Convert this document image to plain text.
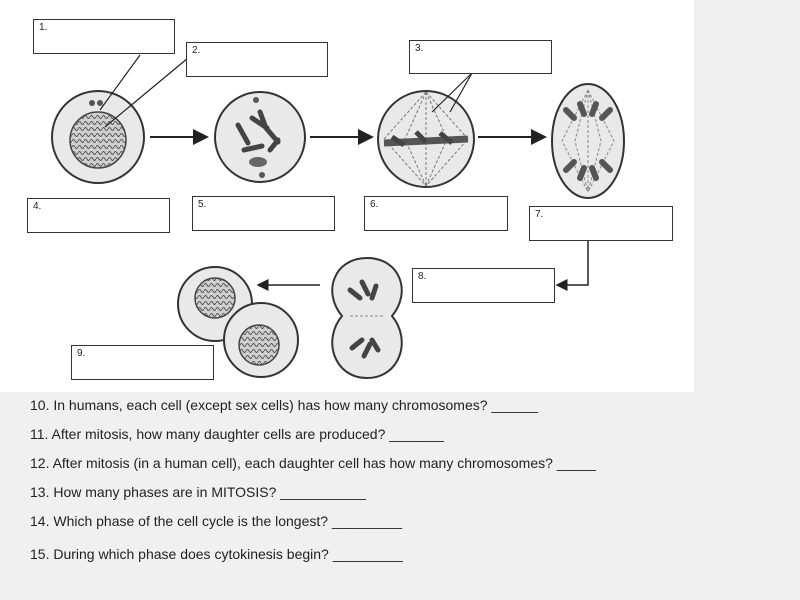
1.
2.	3.
4.	5.	6.
7.
8.
9.
10. In humans, each cell (except sex cells) has how many chromosomes? ______
11. After mitosis, how many daughter cells are produced? _______
12. After mitosis (in a human cell), each daughter cell has how many chromosomes? _____
13. How many phases are in MITOSIS? ___________
14. Which phase of the cell cycle is the longest? _________
15. During which phase does cytokinesis begin? _________
